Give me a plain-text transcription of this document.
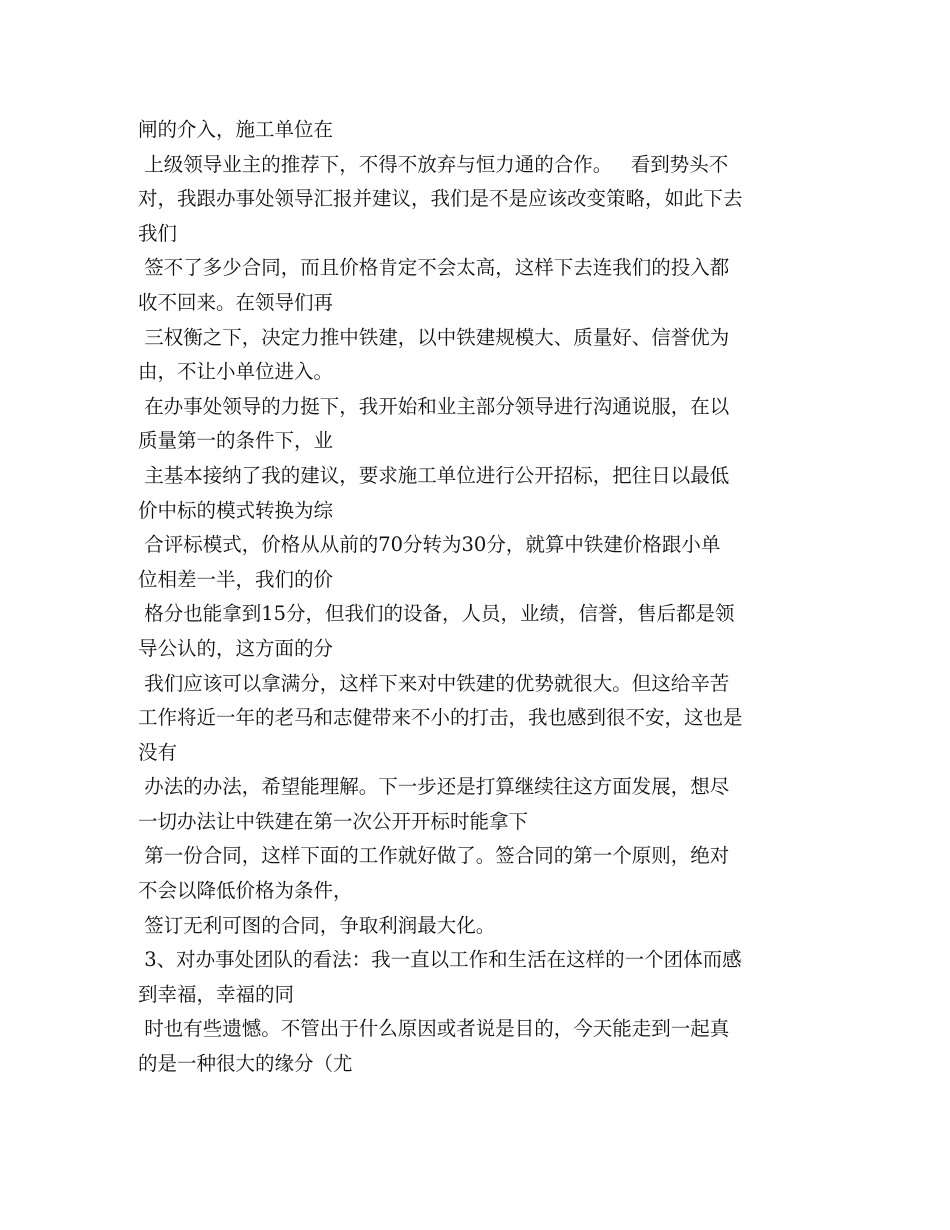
闸的介入，施工单位在
上级领导业主的推荐下，不得不放弃与恒力通的合作。   看到势头不
对，我跟办事处领导汇报并建议，我们是不是应该改变策略，如此下去
我们
签不了多少合同，而且价格肯定不会太高，这样下去连我们的投入都
收不回来。在领导们再
三权衡之下，决定力推中铁建，以中铁建规模大、质量好、信誉优为
由，不让小单位进入。
在办事处领导的力挺下，我开始和业主部分领导进行沟通说服，在以
质量第一的条件下，业
主基本接纳了我的建议，要求施工单位进行公开招标，把往日以最低
价中标的模式转换为综
合评标模式，价格从从前的70分转为30分，就算中铁建价格跟小单
位相差一半，我们的价
格分也能拿到15分，但我们的设备，人员，业绩，信誉，售后都是领
导公认的，这方面的分
我们应该可以拿满分，这样下来对中铁建的优势就很大。但这给辛苦
工作将近一年的老马和志健带来不小的打击，我也感到很不安，这也是
没有
办法的办法，希望能理解。下一步还是打算继续往这方面发展，想尽
一切办法让中铁建在第一次公开开标时能拿下
第一份合同，这样下面的工作就好做了。签合同的第一个原则，绝对
不会以降低价格为条件，
签订无利可图的合同，争取利润最大化。
3、对办事处团队的看法：我一直以工作和生活在这样的一个团体而感
到幸福，幸福的同
时也有些遗憾。不管出于什么原因或者说是目的，今天能走到一起真
的是一种很大的缘分（尤
